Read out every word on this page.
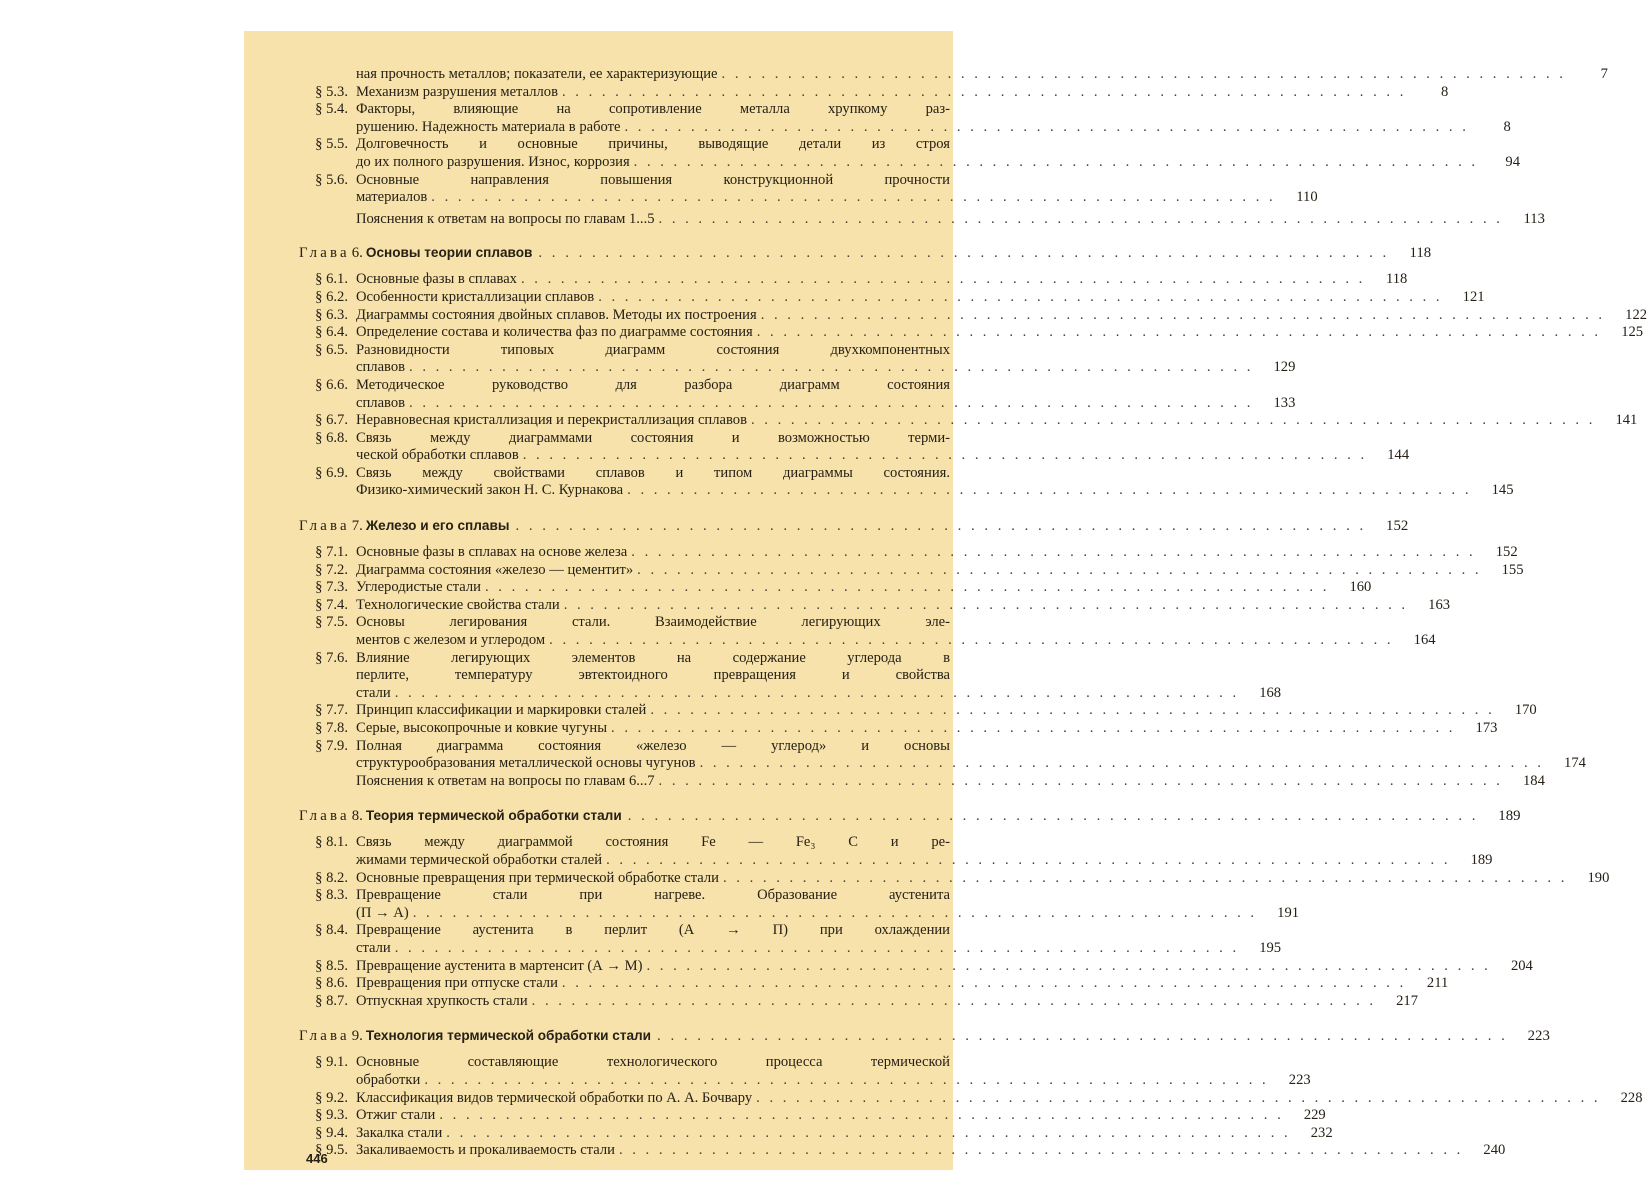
ная прочность металлов; показатели, ее характеризующие . . . . . . . . . . . . . . . . . . . . . . . . . . . . . . . . . . . . . . . . . . . . . . . . . . . . . . . . . . . . . . . .	7
§ 5.3. Механизм разрушения металлов . . . . . . . . . . . . . . . . . . . . . . . . . . . . . . . . . . . . . . . . . . . . . . . . . . . . . . . . . . . . . . . .	8
§ 5.4. Факторы, влияющие на сопротивление металла хрупкому раз-
рушению. Надежность материала в работе . . . . . . . . . . . . . . . . . . . . . . . . . . . . . . . . . . . . . . . . . . . . . . . . . . . . . . . . . . . . . . . .	8
§ 5.5. Долговечность и основные причины, выводящие детали из строя
до их полного разрушения. Износ, коррозия . . . . . . . . . . . . . . . . . . . . . . . . . . . . . . . . . . . . . . . . . . . . . . . . . . . . . . . . . . . . . . . .	94
§ 5.6. Основные направления повышения конструкционной прочности
материалов . . . . . . . . . . . . . . . . . . . . . . . . . . . . . . . . . . . . . . . . . . . . . . . . . . . . . . . . . . . . . . . .	110
Пояснения к ответам на вопросы по главам 1...5 . . . . . . . . . . . . . . . . . . . . . . . . . . . . . . . . . . . . . . . . . . . . . . . . . . . . . . . . . . . . . . . .	113
Глава 6. Основы теории сплавов . . . . . . . . . . . . . . . . . . . . . . . . . . . . . . . . . . . . . . . . . . . . . . . . . . . . . . . . . . . . . . . .	118
§ 6.1. Основные фазы в сплавах . . . . . . . . . . . . . . . . . . . . . . . . . . . . . . . . . . . . . . . . . . . . . . . . . . . . . . . . . . . . . . . .	118
§ 6.2. Особенности кристаллизации сплавов . . . . . . . . . . . . . . . . . . . . . . . . . . . . . . . . . . . . . . . . . . . . . . . . . . . . . . . . . . . . . . . .	121
§ 6.3. Диаграммы состояния двойных сплавов. Методы их построения . . . . . . . . . . . . . . . . . . . . . . . . . . . . . . . . . . . . . . . . . . . . . . . . . . . . . . . . . . . . . . . .	122
§ 6.4. Определение состава и количества фаз по диаграмме состояния . . . . . . . . . . . . . . . . . . . . . . . . . . . . . . . . . . . . . . . . . . . . . . . . . . . . . . . . . . . . . . . .	125
§ 6.5. Разновидности типовых диаграмм состояния двухкомпонентных
сплавов . . . . . . . . . . . . . . . . . . . . . . . . . . . . . . . . . . . . . . . . . . . . . . . . . . . . . . . . . . . . . . . .	129
§ 6.6. Методическое руководство для разбора диаграмм состояния
сплавов . . . . . . . . . . . . . . . . . . . . . . . . . . . . . . . . . . . . . . . . . . . . . . . . . . . . . . . . . . . . . . . .	133
§ 6.7. Неравновесная кристаллизация и перекристаллизация сплавов . . . . . . . . . . . . . . . . . . . . . . . . . . . . . . . . . . . . . . . . . . . . . . . . . . . . . . . . . . . . . . . .	141
§ 6.8. Связь между диаграммами состояния и возможностью терми-
ческой обработки сплавов . . . . . . . . . . . . . . . . . . . . . . . . . . . . . . . . . . . . . . . . . . . . . . . . . . . . . . . . . . . . . . . .	144
§ 6.9. Связь между свойствами сплавов и типом диаграммы состояния.
Физико-химический закон Н. С. Курнакова . . . . . . . . . . . . . . . . . . . . . . . . . . . . . . . . . . . . . . . . . . . . . . . . . . . . . . . . . . . . . . . .	145
Глава 7. Железо и его сплавы . . . . . . . . . . . . . . . . . . . . . . . . . . . . . . . . . . . . . . . . . . . . . . . . . . . . . . . . . . . . . . . .	152
§ 7.1. Основные фазы в сплавах на основе железа . . . . . . . . . . . . . . . . . . . . . . . . . . . . . . . . . . . . . . . . . . . . . . . . . . . . . . . . . . . . . . . .	152
§ 7.2. Диаграмма состояния «железо — цементит» . . . . . . . . . . . . . . . . . . . . . . . . . . . . . . . . . . . . . . . . . . . . . . . . . . . . . . . . . . . . . . . .	155
§ 7.3. Углеродистые стали . . . . . . . . . . . . . . . . . . . . . . . . . . . . . . . . . . . . . . . . . . . . . . . . . . . . . . . . . . . . . . . .	160
§ 7.4. Технологические свойства стали . . . . . . . . . . . . . . . . . . . . . . . . . . . . . . . . . . . . . . . . . . . . . . . . . . . . . . . . . . . . . . . .	163
§ 7.5. Основы легирования стали. Взаимодействие легирующих эле-
ментов с железом и углеродом . . . . . . . . . . . . . . . . . . . . . . . . . . . . . . . . . . . . . . . . . . . . . . . . . . . . . . . . . . . . . . . .	164
§ 7.6. Влияние легирующих элементов на содержание углерода в
перлите, температуру эвтектоидного превращения и свойства
стали . . . . . . . . . . . . . . . . . . . . . . . . . . . . . . . . . . . . . . . . . . . . . . . . . . . . . . . . . . . . . . . .	168
§ 7.7. Принцип классификации и маркировки сталей . . . . . . . . . . . . . . . . . . . . . . . . . . . . . . . . . . . . . . . . . . . . . . . . . . . . . . . . . . . . . . . .	170
§ 7.8. Серые, высокопрочные и ковкие чугуны . . . . . . . . . . . . . . . . . . . . . . . . . . . . . . . . . . . . . . . . . . . . . . . . . . . . . . . . . . . . . . . .	173
§ 7.9. Полная диаграмма состояния «железо — углерод» и основы
структурообразования металлической основы чугунов . . . . . . . . . . . . . . . . . . . . . . . . . . . . . . . . . . . . . . . . . . . . . . . . . . . . . . . . . . . . . . . .	174
Пояснения к ответам на вопросы по главам 6...7 . . . . . . . . . . . . . . . . . . . . . . . . . . . . . . . . . . . . . . . . . . . . . . . . . . . . . . . . . . . . . . . .	184
Глава 8. Теория термической обработки стали . . . . . . . . . . . . . . . . . . . . . . . . . . . . . . . . . . . . . . . . . . . . . . . . . . . . . . . . . . . . . . . .	189
§ 8.1. Связь между диаграммой состояния Fe — Fe₃ C и ре-
жимами термической обработки сталей . . . . . . . . . . . . . . . . . . . . . . . . . . . . . . . . . . . . . . . . . . . . . . . . . . . . . . . . . . . . . . . .	189
§ 8.2. Основные превращения при термической обработке стали . . . . . . . . . . . . . . . . . . . . . . . . . . . . . . . . . . . . . . . . . . . . . . . . . . . . . . . . . . . . . . . .	190
§ 8.3. Превращение стали при нагреве. Образование аустенита
(П → А) . . . . . . . . . . . . . . . . . . . . . . . . . . . . . . . . . . . . . . . . . . . . . . . . . . . . . . . . . . . . . . . .	191
§ 8.4. Превращение аустенита в перлит (А → П) при охлаждении
стали . . . . . . . . . . . . . . . . . . . . . . . . . . . . . . . . . . . . . . . . . . . . . . . . . . . . . . . . . . . . . . . .	195
§ 8.5. Превращение аустенита в мартенсит (А → М) . . . . . . . . . . . . . . . . . . . . . . . . . . . . . . . . . . . . . . . . . . . . . . . . . . . . . . . . . . . . . . . .	204
§ 8.6. Превращения при отпуске стали . . . . . . . . . . . . . . . . . . . . . . . . . . . . . . . . . . . . . . . . . . . . . . . . . . . . . . . . . . . . . . . .	211
§ 8.7. Отпускная хрупкость стали . . . . . . . . . . . . . . . . . . . . . . . . . . . . . . . . . . . . . . . . . . . . . . . . . . . . . . . . . . . . . . . .	217
Глава 9. Технология термической обработки стали . . . . . . . . . . . . . . . . . . . . . . . . . . . . . . . . . . . . . . . . . . . . . . . . . . . . . . . . . . . . . . . .	223
§ 9.1. Основные составляющие технологического процесса термической
обработки . . . . . . . . . . . . . . . . . . . . . . . . . . . . . . . . . . . . . . . . . . . . . . . . . . . . . . . . . . . . . . . .	223
§ 9.2. Классификация видов термической обработки по А. А. Бочвару . . . . . . . . . . . . . . . . . . . . . . . . . . . . . . . . . . . . . . . . . . . . . . . . . . . . . . . . . . . . . . . .	228
§ 9.3. Отжиг стали . . . . . . . . . . . . . . . . . . . . . . . . . . . . . . . . . . . . . . . . . . . . . . . . . . . . . . . . . . . . . . . .	229
§ 9.4. Закалка стали . . . . . . . . . . . . . . . . . . . . . . . . . . . . . . . . . . . . . . . . . . . . . . . . . . . . . . . . . . . . . . . .	232
§ 9.5. Закаливаемость и прокаливаемость стали . . . . . . . . . . . . . . . . . . . . . . . . . . . . . . . . . . . . . . . . . . . . . . . . . . . . . . . . . . . . . . . .	240
446
